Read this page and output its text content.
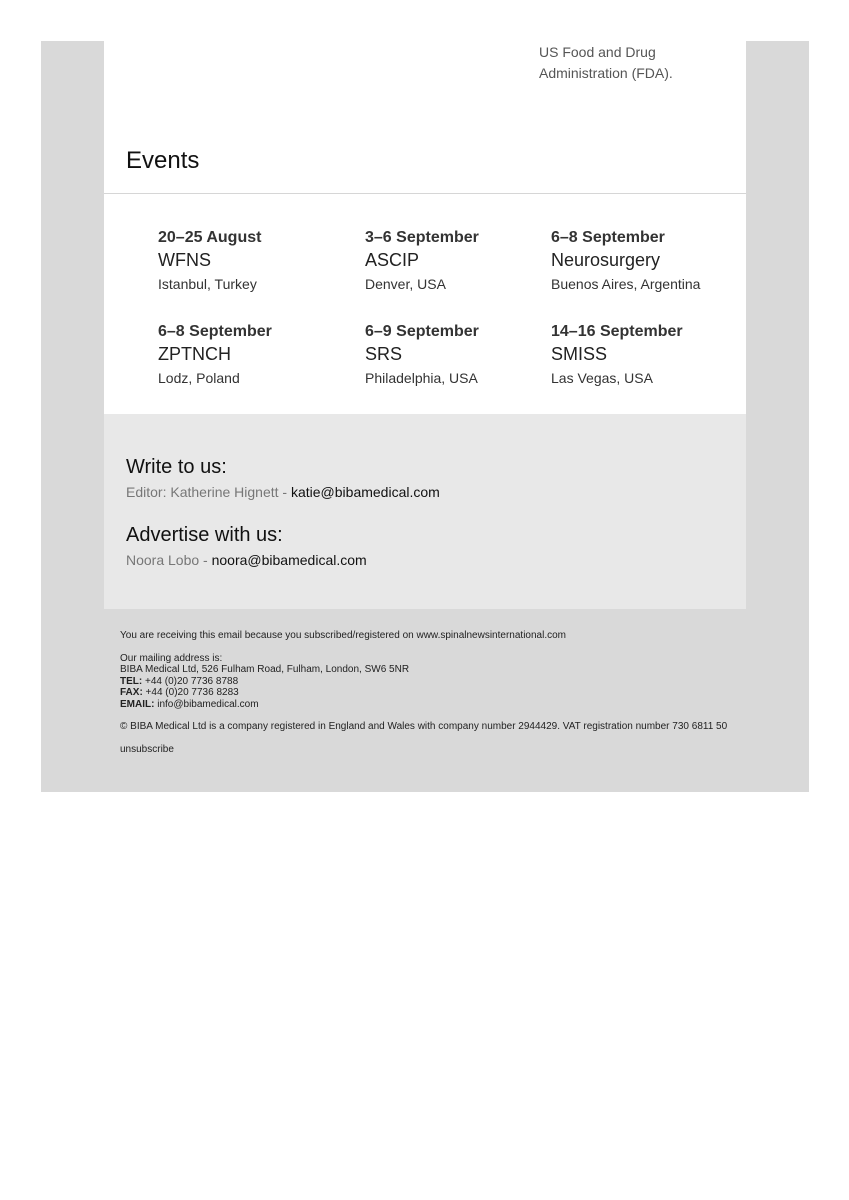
US Food and Drug
Administration (FDA).
Events
20–25 August
WFNS
Istanbul, Turkey
3–6 September
ASCIP
Denver, USA
6–8 September
Neurosurgery
Buenos Aires, Argentina
6–8 September
ZPTNCH
Lodz, Poland
6–9 September
SRS
Philadelphia, USA
14–16 September
SMISS
Las Vegas, USA
Write to us:
Editor: Katherine Hignett - katie@bibamedical.com
Advertise with us:
Noora Lobo - noora@bibamedical.com

You are receiving this email because you subscribed/registered on www.spinalnewsinternational.com

Our mailing address is:
BIBA Medical Ltd, 526 Fulham Road, Fulham, London, SW6 5NR
TEL: +44 (0)20 7736 8788
FAX: +44 (0)20 7736 8283
EMAIL: info@bibamedical.com

© BIBA Medical Ltd is a company registered in England and Wales with company number 2944429. VAT registration number 730 6811 50

unsubscribe
